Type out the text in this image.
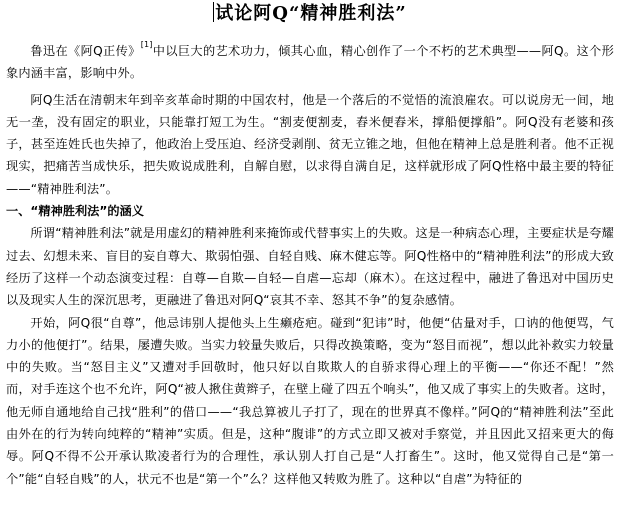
试论阿Q“精神胜利法”

鲁迅在《阿Q正传》[1]中以巨大的艺术功力，倾其心血，精心创作了一个不朽的艺术典型——阿Q。这个形象内涵丰富，影响中外。

阿Q生活在清朝末年到辛亥革命时期的中国农村，他是一个落后的不觉悟的流浪雇农。可以说房无一间，地无一垄，没有固定的职业，只能靠打短工为生。“割麦便割麦，舂米便舂米，撑船便撑船”。阿Q没有老婆和孩子，甚至连姓氏也失掉了，他政治上受压迫、经济受剥削、贫无立锥之地，但他在精神上总是胜利者。他不正视现实，把痛苦当成快乐，把失败说成胜利，自解自慰，以求得自满自足，这样就形成了阿Q性格中最主要的特征——“精神胜利法”。

一、“精神胜利法”的涵义

所谓“精神胜利法”就是用虚幻的精神胜利来掩饰或代替事实上的失败。这是一种病态心理，主要症状是夸耀过去、幻想未来、盲目的妄自尊大、欺弱怕强、自轻自贱、麻木健忘等。阿Q性格中的“精神胜利法”的形成大致经历了这样一个动态演变过程：自尊—自欺—自轻—自虐—忘却（麻木）。在这过程中，融进了鲁迅对中国历史以及现实人生的深沉思考，更融进了鲁迅对阿Q“哀其不幸、怒其不争”的复杂感情。

开始，阿Q很“自尊”，他忌讳别人提他头上生癞疮疤。碰到“犯讳”时，他便“估量对手，口讷的他便骂，气力小的他便打”。结果，屡遭失败。当实力较量失败后，只得改换策略，变为“怒目而视”，想以此补救实力较量中的失败。当“怒目主义”又遭对手回敬时，他只好以自欺欺人的自骄求得心理上的平衡——“你还不配！”然而，对手连这个也不允许，阿Q“被人揪住黄辫子，在壁上碰了四五个响头”，他又成了事实上的失败者。这时，他无师自通地给自己找“胜利”的借口——“我总算被儿子打了，现在的世界真不像样。”阿Q的“精神胜利法”至此由外在的行为转向纯粹的“精神”实质。但是，这种“腹诽”的方式立即又被对手察觉，并且因此又招来更大的侮辱。阿Q不得不公开承认欺凌者行为的合理性，承认别人打自己是“人打畜生”。这时，他又觉得自己是“第一个”能“自轻自贱”的人，状元不也是“第一个”么？这样他又转败为胜了。这种以“自虐”为特征的
